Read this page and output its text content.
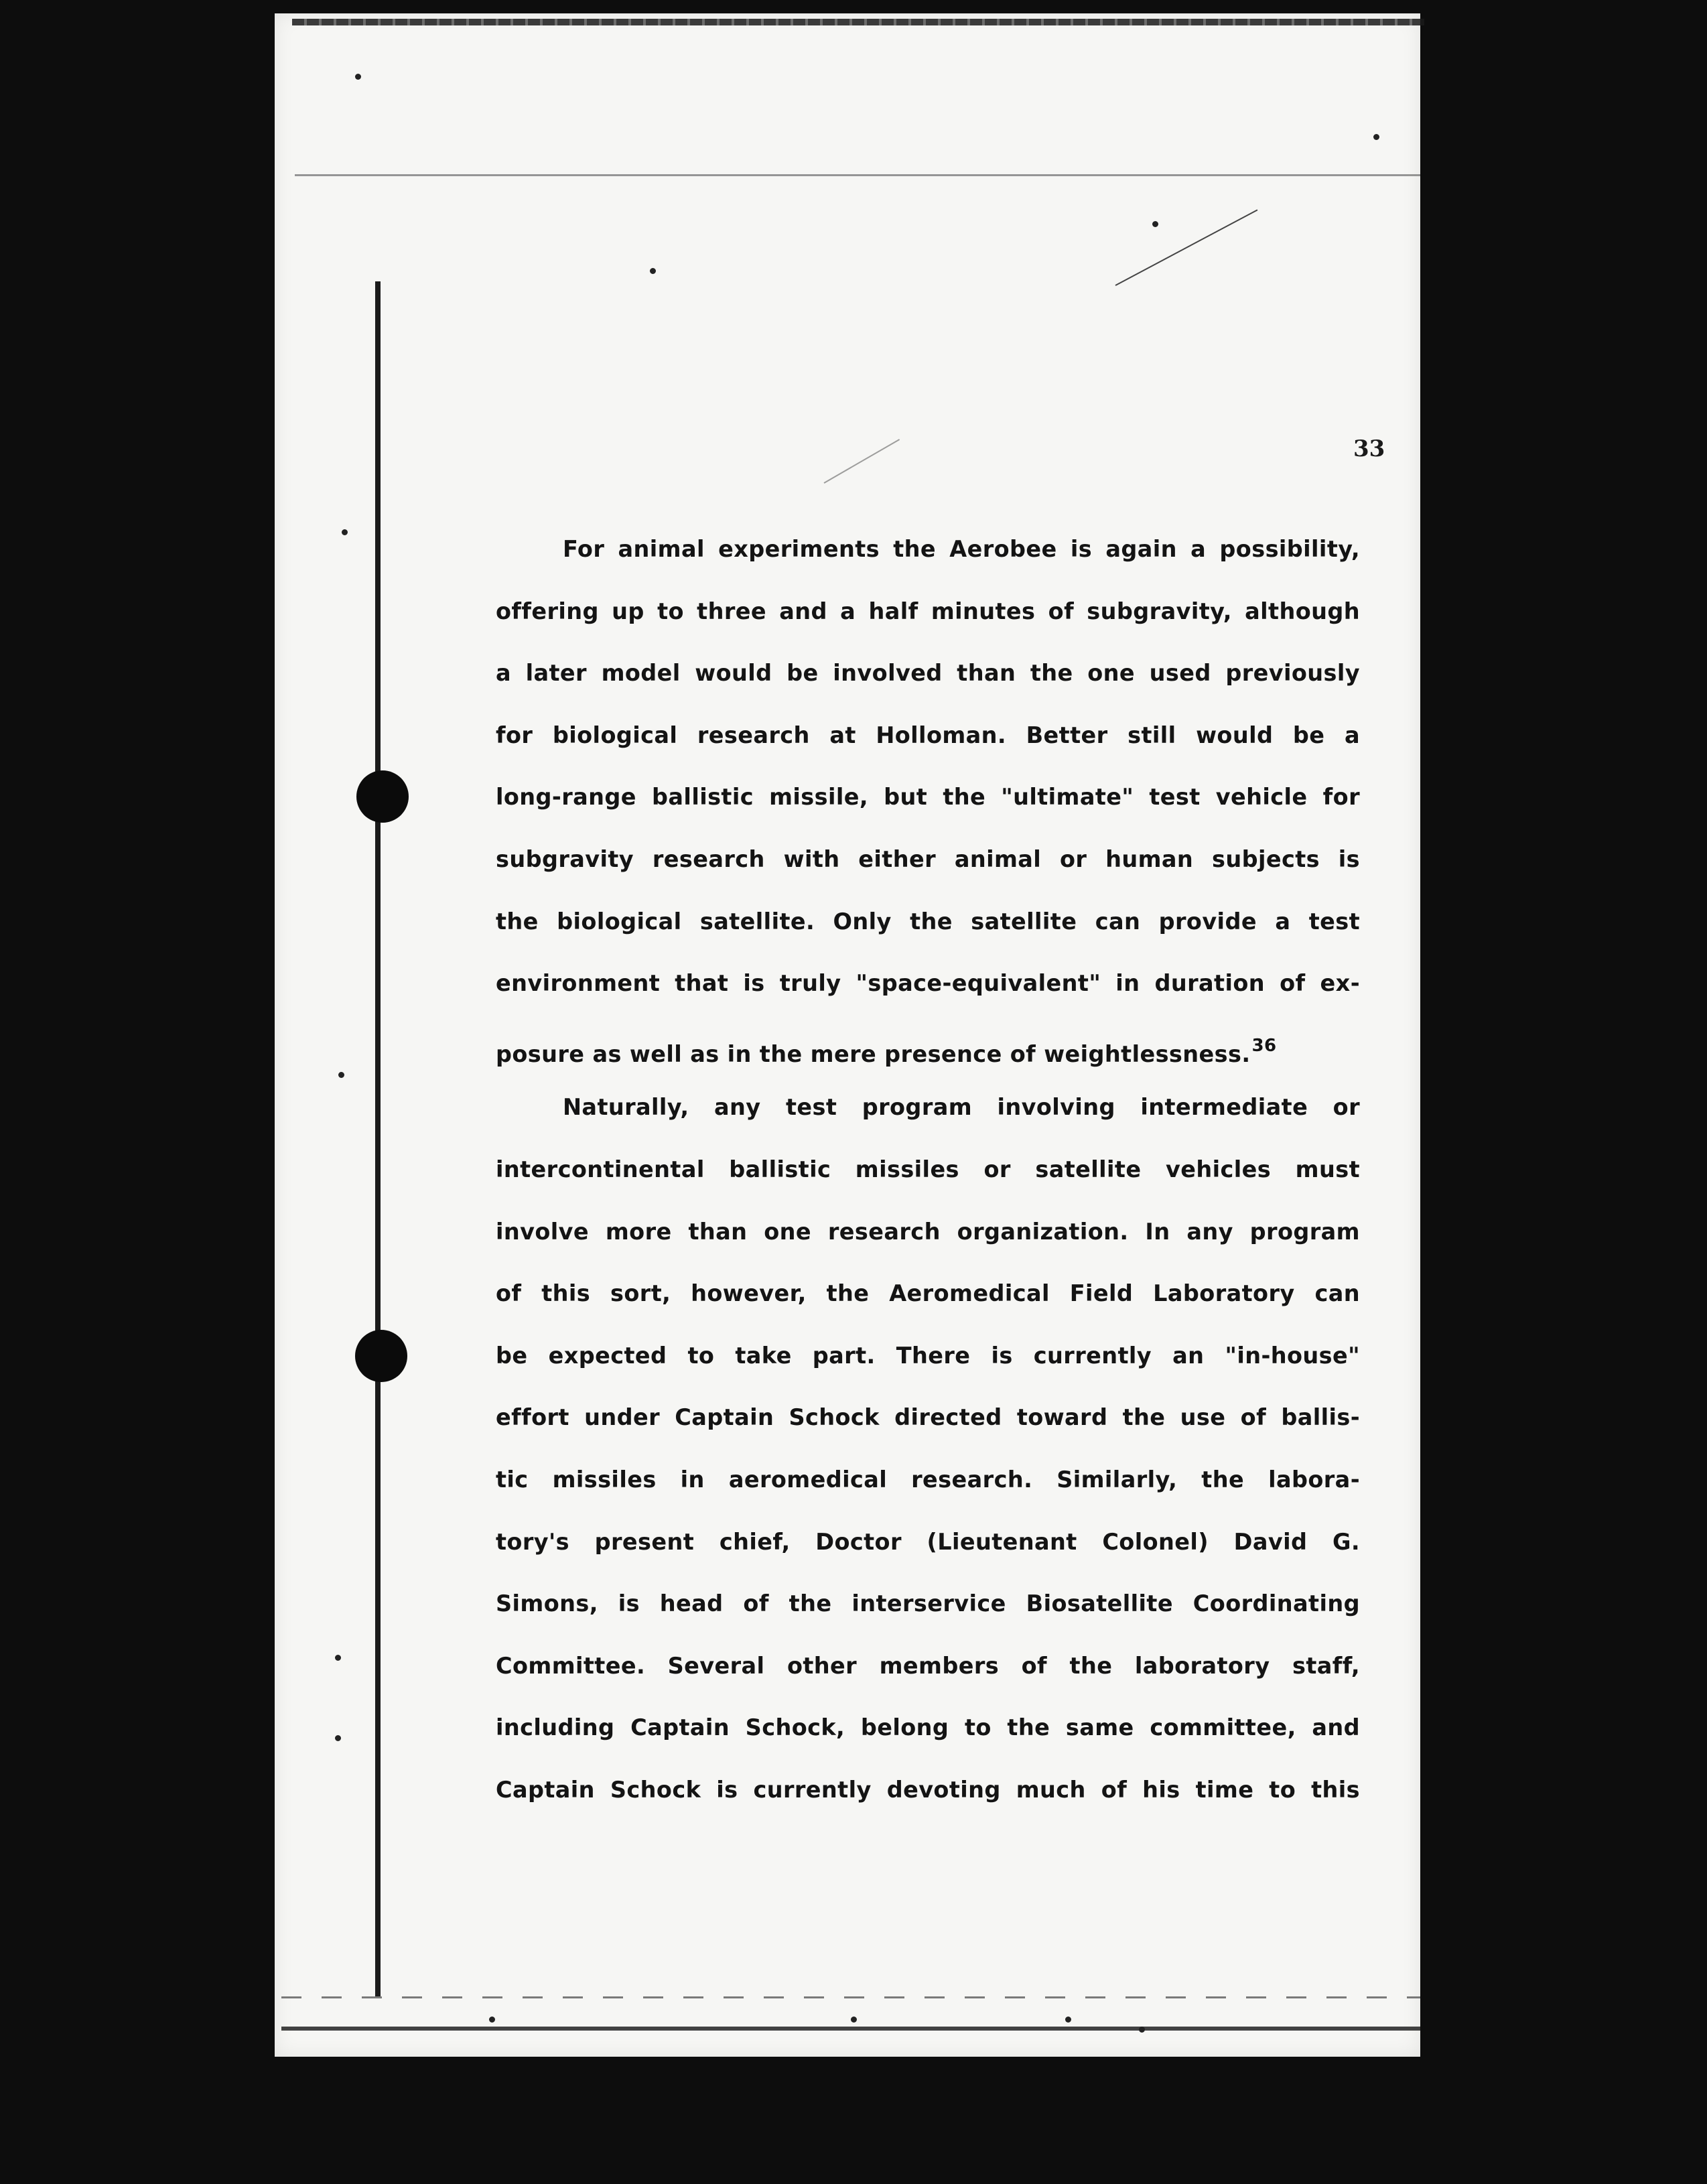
33
For animal experiments the Aerobee is again a possibility,
offering up to three and a half minutes of subgravity, although
a later model would be involved than the one used previously
for biological research at Holloman. Better still would be a
long-range ballistic missile, but the "ultimate" test vehicle for
subgravity research with either animal or human subjects is
the biological satellite. Only the satellite can provide a test
environment that is truly "space-equivalent" in duration of ex-
posure as well as in the mere presence of weightlessness.$^{36}$
Naturally, any test program involving intermediate or
intercontinental ballistic missiles or satellite vehicles must
involve more than one research organization. In any program
of this sort, however, the Aeromedical Field Laboratory can
be expected to take part. There is currently an "in-house"
effort under Captain Schock directed toward the use of ballis-
tic missiles in aeromedical research. Similarly, the labora-
tory's present chief, Doctor (Lieutenant Colonel) David G.
Simons, is head of the interservice Biosatellite Coordinating
Committee. Several other members of the laboratory staff,
including Captain Schock, belong to the same committee, and
Captain Schock is currently devoting much of his time to this
